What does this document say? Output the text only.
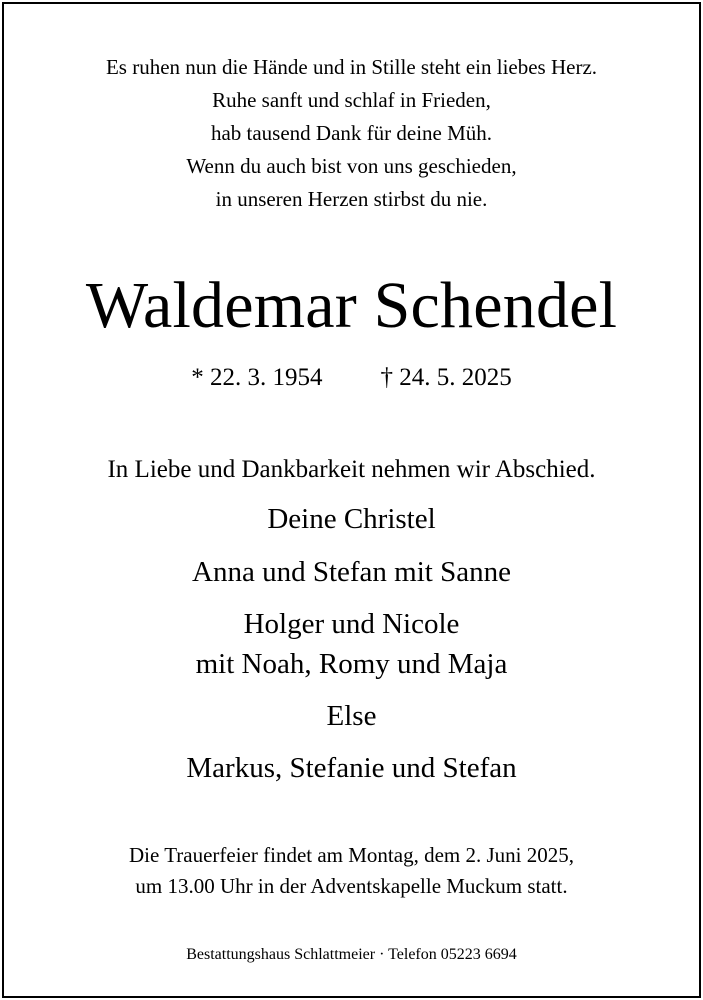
Es ruhen nun die Hände und in Stille steht ein liebes Herz.
Ruhe sanft und schlaf in Frieden,
hab tausend Dank für deine Müh.
Wenn du auch bist von uns geschieden,
in unseren Herzen stirbst du nie.
Waldemar Schendel
* 22. 3. 1954 † 24. 5. 2025
In Liebe und Dankbarkeit nehmen wir Abschied.
Deine Christel
Anna und Stefan mit Sanne
Holger und Nicole
mit Noah, Romy und Maja
Else
Markus, Stefanie und Stefan
Die Trauerfeier findet am Montag, dem 2. Juni 2025,
um 13.00 Uhr in der Adventskapelle Muckum statt.
Bestattungshaus Schlattmeier · Telefon 05223 6694
